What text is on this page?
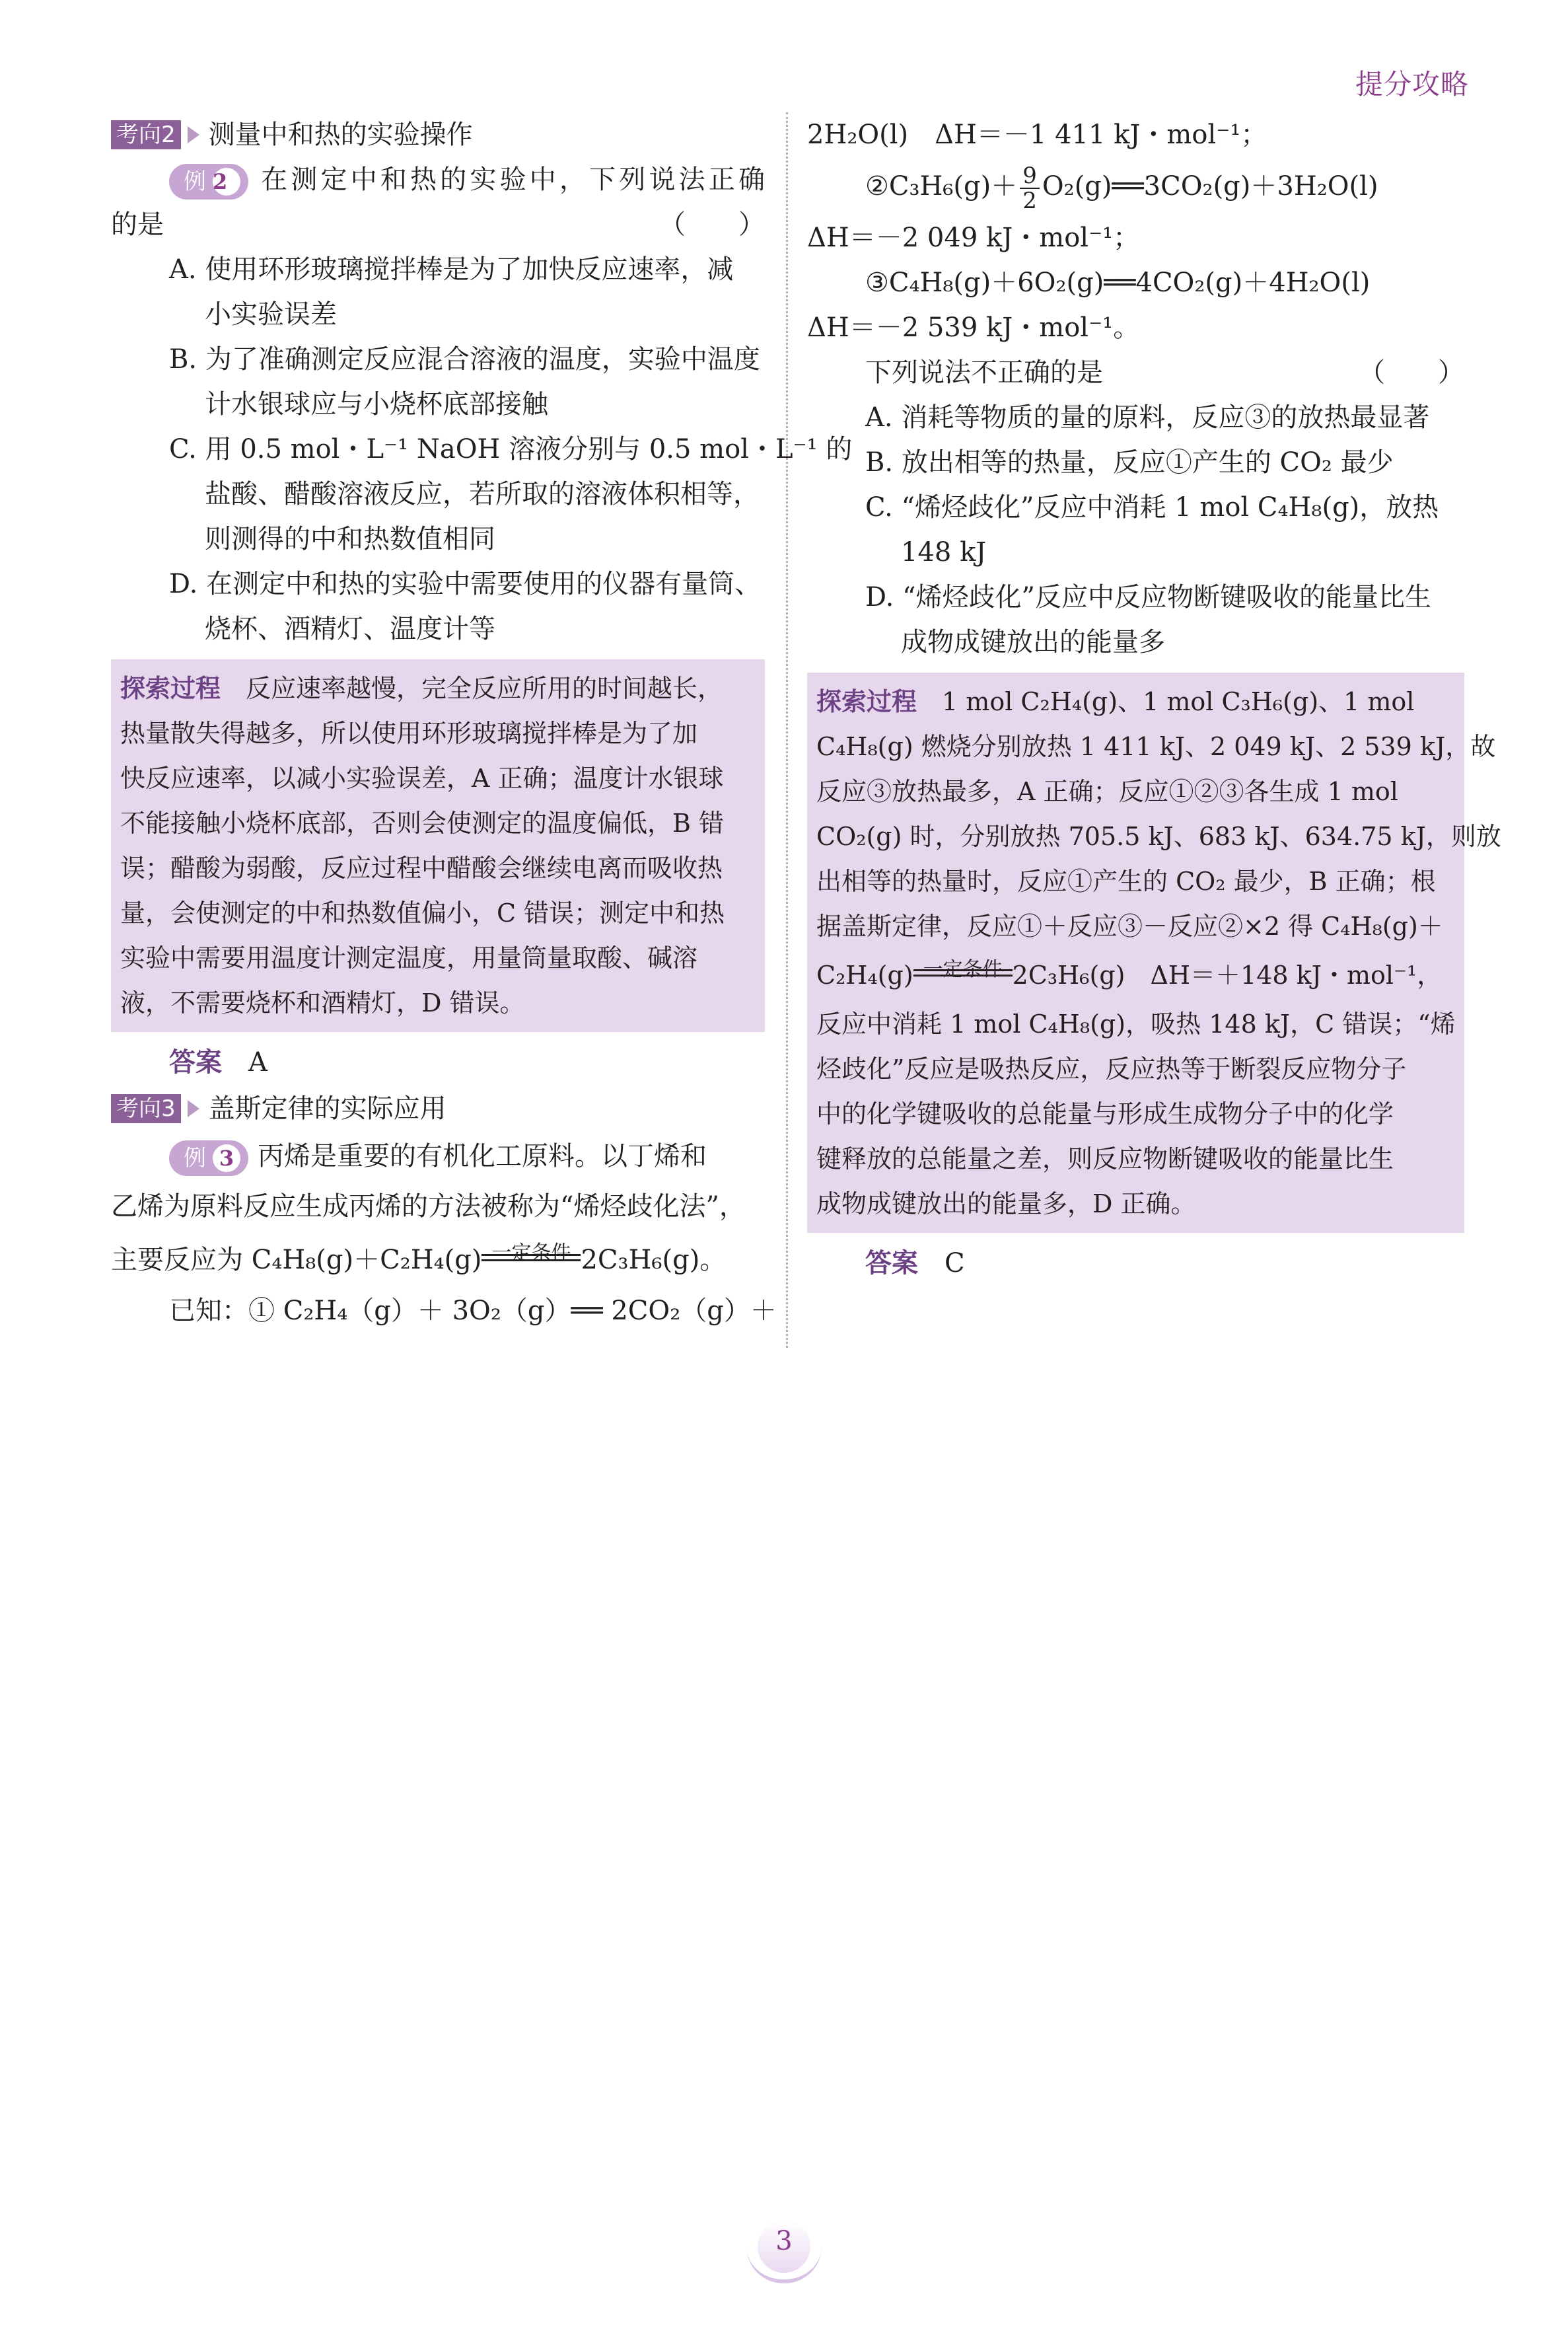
提分攻略
考向2 测量中和热的实验操作
例 2	在测定中和热的实验中，下列说法正确
的是	（　　）
A. 使用环形玻璃搅拌棒是为了加快反应速率，减
小实验误差
B. 为了准确测定反应混合溶液的温度，实验中温度
计水银球应与小烧杯底部接触
C. 用 0.5 mol・L⁻¹ NaOH 溶液分别与 0.5 mol・L⁻¹ 的
盐酸、醋酸溶液反应，若所取的溶液体积相等，
则测得的中和热数值相同
D. 在测定中和热的实验中需要使用的仪器有量筒、
烧杯、酒精灯、温度计等
探索过程　 反应速率越慢，完全反应所用的时间越长，
热量散失得越多，所以使用环形玻璃搅拌棒是为了加
快反应速率，以减小实验误差，A 正确；温度计水银球
不能接触小烧杯底部，否则会使测定的温度偏低，B 错
误；醋酸为弱酸，反应过程中醋酸会继续电离而吸收热
量，会使测定的中和热数值偏小，C 错误；测定中和热
实验中需要用温度计测定温度，用量筒量取酸、碱溶
液，不需要烧杯和酒精灯，D 错误。
答案 A
考向3 盖斯定律的实际应用
例 3 丙烯是重要的有机化工原料。以丁烯和
乙烯为原料反应生成丙烯的方法被称为“烯烃歧化法”，
主要反应为 C₄H₈(g)＋C₂H₄(g) 一定条件 2C₃H₆(g)。
已知：① C₂H₄（g）＋ 3O₂（g）══ 2CO₂（g）＋
2H₂O(l)　ΔH＝－1 411 kJ・mol⁻¹；
②C₃H₆(g)＋ $\frac{9}{2}$ O₂(g)══3CO₂(g)＋3H₂O(l)
ΔH＝－2 049 kJ・mol⁻¹；
③C₄H₈(g)＋6O₂(g)══4CO₂(g)＋4H₂O(l)
ΔH＝－2 539 kJ・mol⁻¹。
下列说法不正确的是	（　　）
A. 消耗等物质的量的原料，反应③的放热最显著
B. 放出相等的热量，反应①产生的 CO₂ 最少
C. “烯烃歧化”反应中消耗 1 mol C₄H₈(g)，放热
148 kJ
D. “烯烃歧化”反应中反应物断键吸收的能量比生
成物成键放出的能量多
探索过程　 1 mol C₂H₄(g)、1 mol C₃H₆(g)、1 mol
C₄H₈(g) 燃烧分别放热 1 411 kJ、2 049 kJ、2 539 kJ，故
反应③放热最多，A 正确；反应①②③各生成 1 mol
CO₂(g) 时，分别放热 705.5 kJ、683 kJ、634.75 kJ，则放
出相等的热量时，反应①产生的 CO₂ 最少，B 正确；根
据盖斯定律，反应①＋反应③－反应②×2 得 C₄H₈(g)＋
C₂H₄(g) 一定条件 2C₃H₆(g)　ΔH＝＋148 kJ・mol⁻¹，
反应中消耗 1 mol C₄H₈(g)，吸热 148 kJ，C 错误；“烯
烃歧化”反应是吸热反应，反应热等于断裂反应物分子
中的化学键吸收的总能量与形成生成物分子中的化学
键释放的总能量之差，则反应物断键吸收的能量比生
成物成键放出的能量多，D 正确。
答案 C
3
